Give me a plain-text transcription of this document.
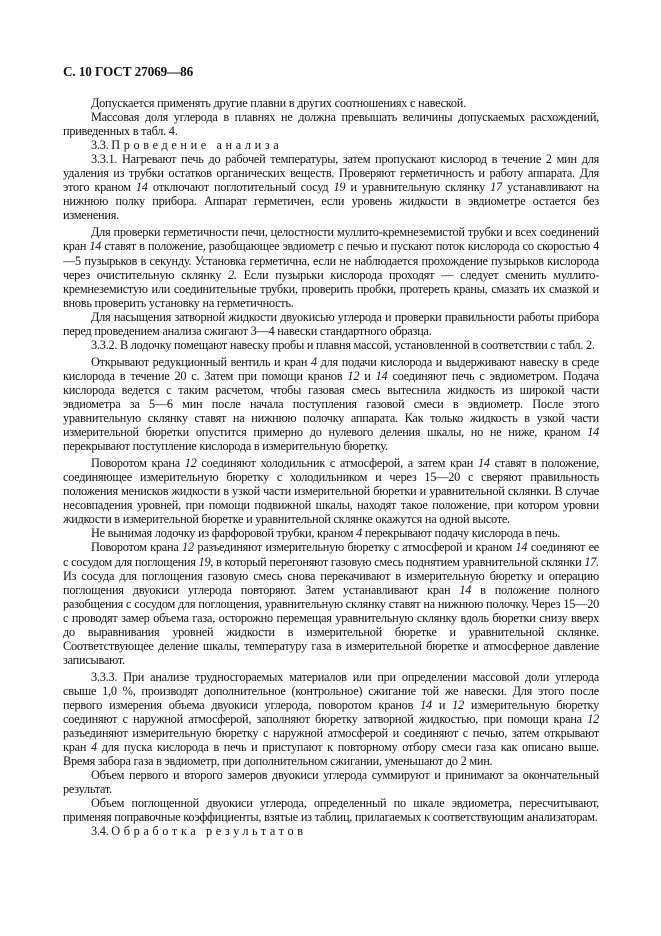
С. 10 ГОСТ 27069—86

Допускается применять другие плавни в других соотношениях с навеской.

Массовая доля углерода в плавнях не должна превышать величины допускаемых расхождений, приведенных в табл. 4.

3.3. Проведение анализа

3.3.1. Нагревают печь до рабочей температуры, затем пропускают кислород в течение 2 мин для удаления из трубки остатков органических веществ. Проверяют герметичность и работу аппарата. Для этого краном 14 отключают поглотительный сосуд 19 и уравнительную склянку 17 устанавливают на нижнюю полку прибора. Аппарат герметичен, если уровень жидкости в эвдиометре остается без изменения.

Для проверки герметичности печи, целостности муллито-кремнеземистой трубки и всех соединений кран 14 ставят в положение, разобщающее эвдиометр с печью и пускают поток кислорода со скоростью 4—5 пузырьков в секунду. Установка герметична, если не наблюдается прохождение пузырьков кислорода через очистительную склянку 2. Если пузырьки кислорода проходят — следует сменить муллито-кремнеземистую или соединительные трубки, проверить пробки, протереть краны, смазать их смазкой и вновь проверить установку на герметичность.

Для насыщения затворной жидкости двуокисью углерода и проверки правильности работы прибора перед проведением анализа сжигают 3—4 навески стандартного образца.

3.3.2. В лодочку помещают навеску пробы и плавня массой, установленной в соответствии с табл. 2.

Открывают редукционный вентиль и кран 4 для подачи кислорода и выдерживают навеску в среде кислорода в течение 20 с. Затем при помощи кранов 12 и 14 соединяют печь с эвдиометром. Подача кислорода ведется с таким расчетом, чтобы газовая смесь вытеснила жидкость из широкой части эвдиометра за 5—6 мин после начала поступления газовой смеси в эвдиометр. После этого уравнительную склянку ставят на нижнюю полочку аппарата. Как только жидкость в узкой части измерительной бюретки опустится примерно до нулевого деления шкалы, но не ниже, краном 14 перекрывают поступление кислорода в измерительную бюретку.

Поворотом крана 12 соединяют холодильник с атмосферой, а затем кран 14 ставят в положение, соединяющее измерительную бюретку с холодильником и через 15—20 с сверяют правильность положения менисков жидкости в узкой части измерительной бюретки и уравнительной склянки. В случае несовпадения уровней, при помощи подвижной шкалы, находят такое положение, при котором уровни жидкости в измерительной бюретке и уравнительной склянке окажутся на одной высоте.

Не вынимая лодочку из фарфоровой трубки, краном 4 перекрывают подачу кислорода в печь.

Поворотом крана 12 разъединяют измерительную бюретку с атмосферой и краном 14 соединяют ее с сосудом для поглощения 19, в который перегоняют газовую смесь поднятием уравнительной склянки 17. Из сосуда для поглощения газовую смесь снова перекачивают в измерительную бюретку и операцию поглощения двуокиси углерода повторяют. Затем устанавливают кран 14 в положение полного разобщения с сосудом для поглощения, уравнительную склянку ставят на нижнюю полочку. Через 15—20 с проводят замер объема газа, осторожно перемещая уравнительную склянку вдоль бюретки снизу вверх до выравнивания уровней жидкости в измерительной бюретке и уравнительной склянке. Соответствующее деление шкалы, температуру газа в измерительной бюретке и атмосферное давление записывают.

3.3.3. При анализе трудносгораемых материалов или при определении массовой доли углерода свыше 1,0 %, производят дополнительное (контрольное) сжигание той же навески. Для этого после первого измерения объема двуокиси углерода, поворотом кранов 14 и 12 измерительную бюретку соединяют с наружной атмосферой, заполняют бюретку затворной жидкостью, при помощи крана 12 разъединяют измерительную бюретку с наружной атмосферой и соединяют с печью, затем открывают кран 4 для пуска кислорода в печь и приступают к повторному отбору смеси газа как описано выше. Время забора газа в эвдиометр, при дополнительном сжигании, уменьшают до 2 мин.

Объем первого и второго замеров двуокиси углерода суммируют и принимают за окончательный результат.

Объем поглощенной двуокиси углерода, определенный по шкале эвдиометра, пересчитывают, применяя поправочные коэффициенты, взятые из таблиц, прилагаемых к соответствующим анализаторам.

3.4. Обработка результатов
